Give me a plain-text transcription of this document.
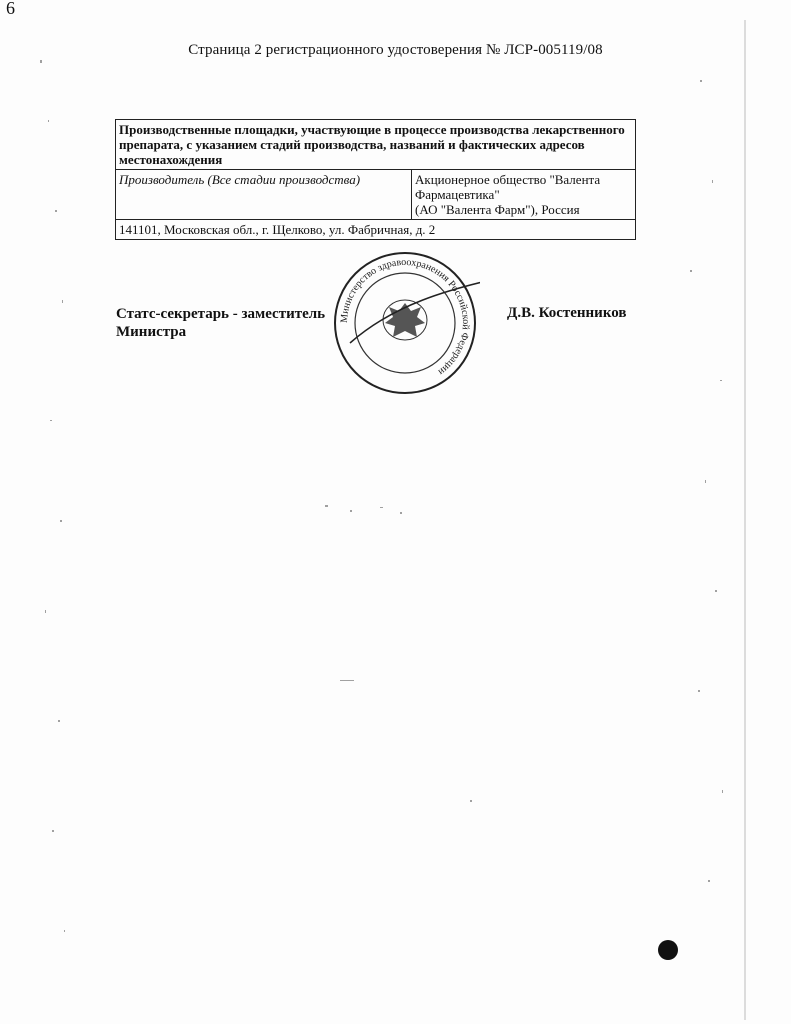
6
Страница 2 регистрационного удостоверения № ЛСР-005119/08
Производственные площадки, участвующие в процессе производства лекарственного препарата, с указанием стадий производства, названий и фактических адресов местонахождения
Производитель (Все стадии производства)	Акционерное общество "Валента Фармацевтика"
(АО "Валента Фарм"), Россия

141101, Московская обл., г. Щелково, ул. Фабричная, д. 2
Статс-секретарь - заместитель
Министра
Министерство здравоохранения Российской Федерации
Д.В. Костенников
